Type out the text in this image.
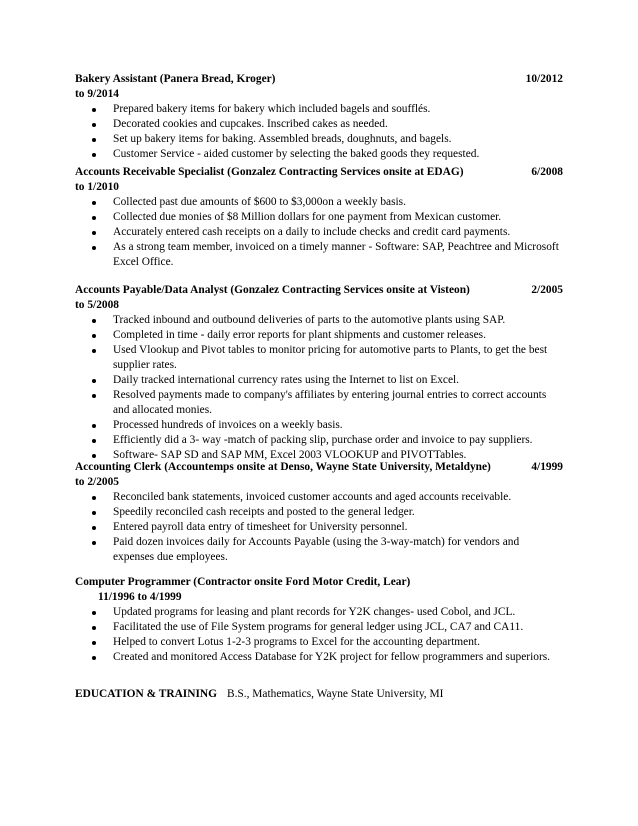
Bakery Assistant (Panera Bread, Kroger)	10/2012
to 9/2014
Prepared bakery items for bakery which included bagels and soufflés.
Decorated cookies and cupcakes. Inscribed cakes as needed.
Set up bakery items for baking. Assembled breads, doughnuts, and bagels.
Customer Service - aided customer by selecting the baked goods they requested.
Accounts Receivable Specialist (Gonzalez Contracting Services onsite at EDAG)	6/2008
to 1/2010
Collected past due amounts of $600 to $3,000on a weekly basis.
Collected due monies of $8 Million dollars for one payment from Mexican customer.
Accurately entered cash receipts on a daily to include checks and credit card payments.
As a strong team member, invoiced on a timely manner - Software: SAP, Peachtree and Microsoft Excel Office.
Accounts Payable/Data Analyst (Gonzalez Contracting Services onsite at Visteon)	2/2005
to 5/2008
Tracked inbound and outbound deliveries of parts to the automotive plants using SAP.
Completed in time - daily error reports for plant shipments and customer releases.
Used Vlookup and Pivot tables to monitor pricing for automotive parts to Plants, to get the best supplier rates.
Daily tracked international currency rates using the Internet to list on Excel.
Resolved payments made to company's affiliates by entering journal entries to correct accounts and allocated monies.
Processed hundreds of invoices on a weekly basis.
Efficiently did a 3- way -match of packing slip, purchase order and invoice to pay suppliers.
Software- SAP SD and SAP MM, Excel 2003 VLOOKUP and PIVOTTables.
Accounting Clerk (Accountemps onsite at Denso, Wayne State University, Metaldyne)	4/1999
to 2/2005
Reconciled bank statements, invoiced customer accounts and aged accounts receivable.
Speedily reconciled cash receipts and posted to the general ledger.
Entered payroll data entry of timesheet for University personnel.
Paid dozen invoices daily for Accounts Payable (using the 3-way-match) for vendors and expenses due employees.
Computer Programmer (Contractor onsite Ford Motor Credit, Lear)
11/1996 to 4/1999
Updated programs for leasing and plant records for Y2K changes- used Cobol, and JCL.
Facilitated the use of File System programs for general ledger using JCL, CA7 and CA11.
Helped to convert Lotus 1-2-3 programs to Excel for the accounting department.
Created and monitored Access Database for Y2K project for fellow programmers and superiors.
EDUCATION & TRAINING B.S., Mathematics, Wayne State University, MI
